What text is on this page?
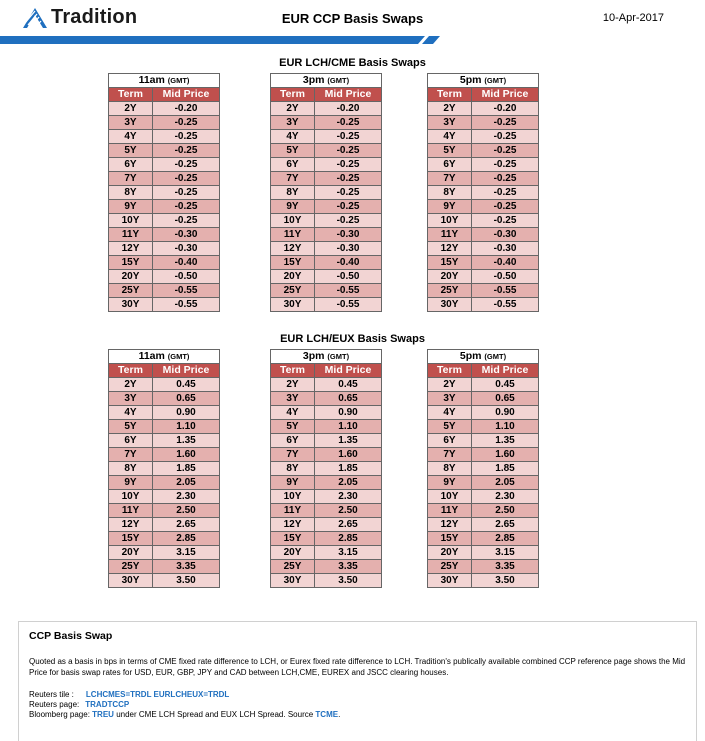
Tradition	EUR CCP Basis Swaps	10-Apr-2017
EUR LCH/CME Basis Swaps
EUR LCH/EUX Basis Swaps
11am (GMT)	
Term	Mid Price
2Y	-0.20
3Y	-0.25
4Y	-0.25
5Y	-0.25
6Y	-0.25
7Y	-0.25
8Y	-0.25
9Y	-0.25
10Y	-0.25
11Y	-0.30
12Y	-0.30
15Y	-0.40
20Y	-0.50
25Y	-0.55
30Y	-0.55
3pm (GMT)	
Term	Mid Price
2Y	-0.20
3Y	-0.25
4Y	-0.25
5Y	-0.25
6Y	-0.25
7Y	-0.25
8Y	-0.25
9Y	-0.25
10Y	-0.25
11Y	-0.30
12Y	-0.30
15Y	-0.40
20Y	-0.50
25Y	-0.55
30Y	-0.55
5pm (GMT)	
Term	Mid Price
2Y	-0.20
3Y	-0.25
4Y	-0.25
5Y	-0.25
6Y	-0.25
7Y	-0.25
8Y	-0.25
9Y	-0.25
10Y	-0.25
11Y	-0.30
12Y	-0.30
15Y	-0.40
20Y	-0.50
25Y	-0.55
30Y	-0.55
11am (GMT)	
Term	Mid Price
2Y	0.45
3Y	0.65
4Y	0.90
5Y	1.10
6Y	1.35
7Y	1.60
8Y	1.85
9Y	2.05
10Y	2.30
11Y	2.50
12Y	2.65
15Y	2.85
20Y	3.15
25Y	3.35
30Y	3.50
3pm (GMT)	
Term	Mid Price
2Y	0.45
3Y	0.65
4Y	0.90
5Y	1.10
6Y	1.35
7Y	1.60
8Y	1.85
9Y	2.05
10Y	2.30
11Y	2.50
12Y	2.65
15Y	2.85
20Y	3.15
25Y	3.35
30Y	3.50
5pm (GMT)	
Term	Mid Price
2Y	0.45
3Y	0.65
4Y	0.90
5Y	1.10
6Y	1.35
7Y	1.60
8Y	1.85
9Y	2.05
10Y	2.30
11Y	2.50
12Y	2.65
15Y	2.85
20Y	3.15
25Y	3.35
30Y	3.50
CCP Basis Swap
Quoted as a basis in bps in terms of CME fixed rate difference to LCH, or Eurex fixed rate difference to LCH. Tradition's publically available combined CCP reference page shows the Mid Price for basis swap rates for USD, EUR, GBP, JPY and CAD between LCH,CME, EUREX and JSCC clearing houses.
Reuters tile : LCHCMES=TRDL EURLCHEUX=TRDL
Reuters page: TRADTCCP
Bloomberg page: TREU under CME LCH Spread and EUX LCH Spread. Source TCME.
